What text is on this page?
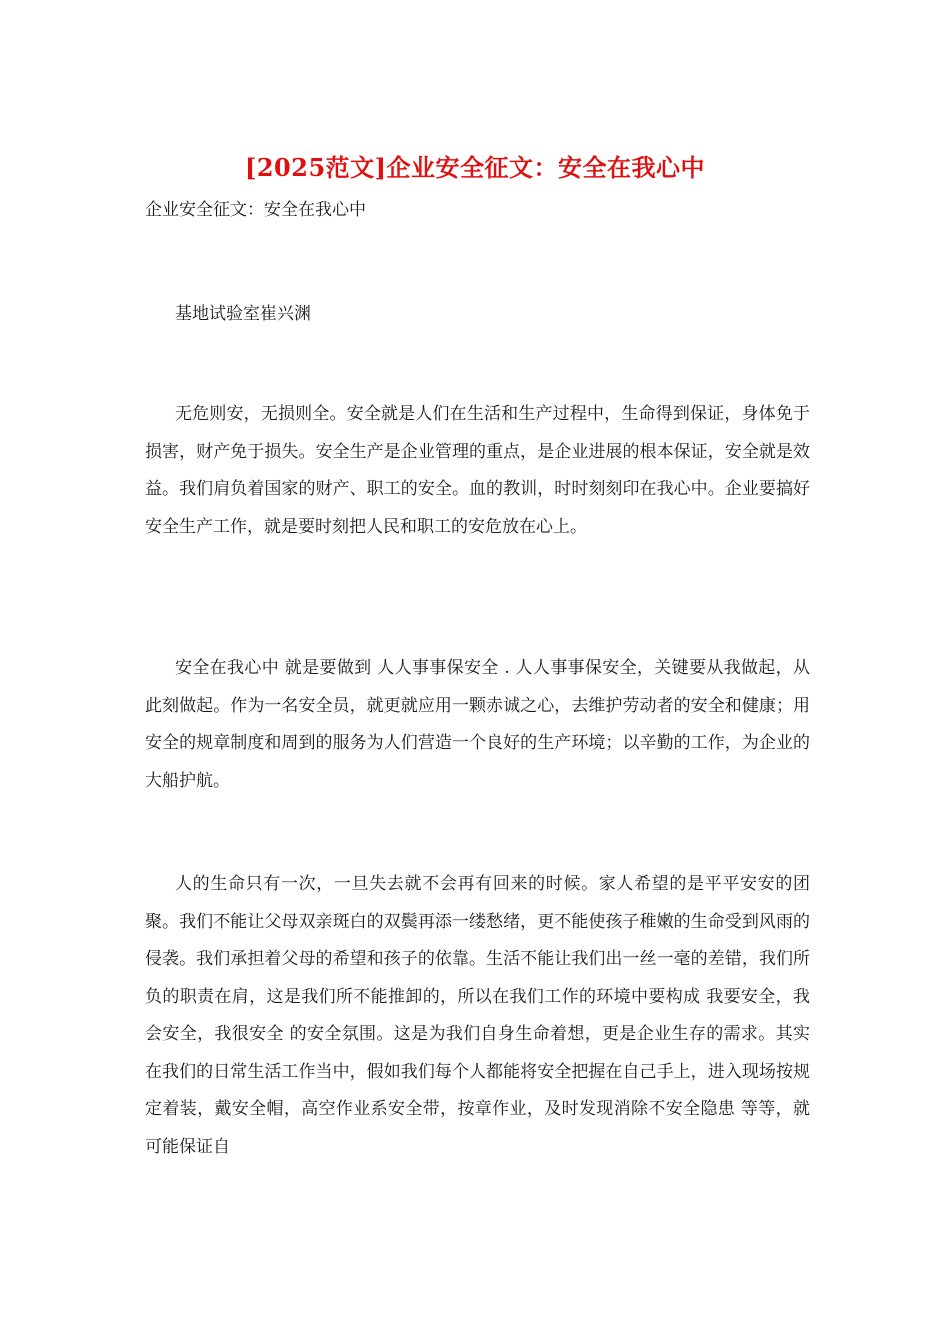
[2025范文]企业安全征文：安全在我心中
企业安全征文：安全在我心中
基地试验室崔兴渊

无危则安，无损则全。安全就是人们在生活和生产过程中，生命得到保证，身体免于损害，财产免于损失。安全生产是企业管理的重点，是企业进展的根本保证，安全就是效益。我们肩负着国家的财产、职工的安全。血的教训，时时刻刻印在我心中。企业要搞好安全生产工作，就是要时刻把人民和职工的安危放在心上。

安全在我心中 就是要做到 人人事事保安全 . 人人事事保安全，关键要从我做起，从此刻做起。作为一名安全员，就更就应用一颗赤诚之心，去维护劳动者的安全和健康；用安全的规章制度和周到的服务为人们营造一个良好的生产环境；以辛勤的工作，为企业的大船护航。

人的生命只有一次，一旦失去就不会再有回来的时候。家人希望的是平平安安的团聚。我们不能让父母双亲斑白的双鬓再添一缕愁绪，更不能使孩子稚嫩的生命受到风雨的侵袭。我们承担着父母的希望和孩子的依靠。生活不能让我们出一丝一毫的差错，我们所负的职责在肩，这是我们所不能推卸的，所以在我们工作的环境中要构成 我要安全，我会安全，我很安全 的安全氛围。这是为我们自身生命着想，更是企业生存的需求。其实在我们的日常生活工作当中，假如我们每个人都能将安全把握在自己手上，进入现场按规定着装，戴安全帽，高空作业系安全带，按章作业，及时发现消除不安全隐患 等等，就可能保证自
